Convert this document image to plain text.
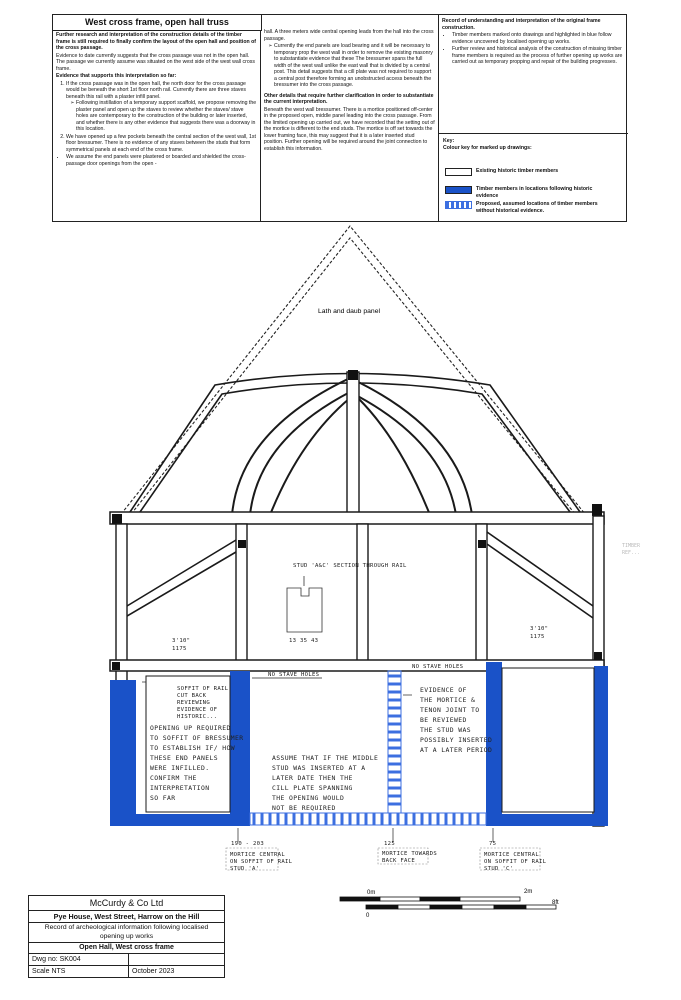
West cross frame, open hall truss

Further research and interpretation of the construction details of the timber frame is still required to finally confirm the layout of the open hall and position of the cross passage.

Evidence to date currently suggests that the cross passage was not in the open hall. The passage we currently assume was situated on the west side of the west wall cross frame.

Evidence that supports this interpretation so far:

1. If the cross passage was in the open hall, the north door for the cross passage would be beneath the short 1st floor north rail. Currently there are three staves beneath this rail with a plaster infill panel.
➢ Following instillation of a temporary support scaffold, we propose removing the plaster panel and open up the staves to review whether the staves/ stave holes are contemporary to the construction of the building or later inserted, and whether there is any other evidence that suggests there was a doorway in this location.
2. We have opened up a few pockets beneath the central section of the west wall, 1st floor bressumer. There is no evidence of any staves between the studs that form symmetrical panels at each end of the cross frame.
• We assume the end panels were plastered or boarded and shielded the cross-passage door openings from the open -

hall. A three meters wide central opening leads from the hall into the cross passage.

➢ Currently the end panels are load bearing and it will be necessary to temporary prop the west wall in order to remove the existing masonry to substantiate evidence that these The bressumer spans the full width of the west wall unlike the east wall that is divided by a central post. This detail suggests that a cill plate was not required to support a central post therefore forming an unobstructed access beneath the bressumer into the cross passage.

Other details that require further clarification in order to substantiate the current interpretation.

Beneath the west wall bressumer. There is a mortice positioned off-center in the proposed open, middle panel leading into the cross passage. From the limited opening up carried out, we have recorded that the setting out of the mortice is different to the end studs. The mortice is off set towards the lower framing face, this may suggest that it is a later inserted stud position. Further opening will be required around the joint connection to establish this information.

Record of understanding and interpretation of the original frame construction.

• Timber members marked onto drawings and highlighted in blue follow evidence uncovered by localised opening up works.
• Further review and historical analysis of the construction of missing timber frame members is required as the process of further opening up works are carried out as temporary propping and repair of the building progresses.
Key:
Colour key for marked up drawings:
Existing historic timber members
Timber members in locations following historic evidence
Proposed, assumed locations of timber members without historical evidence.
STUD 'A&C' SECTION THROUGH RAIL
13 35 43
Lath and daub panel
3'10"
1175
3'10"
1175
NO STAVE HOLES
NO STAVE HOLES
SOFFIT OF RAIL
CUT BACK
REVIEWING
EVIDENCE OF
HISTORIC...
OPENING UP REQUIRED
TO SOFFIT OF BRESSUMER
TO ESTABLISH IF/ HOW
THESE END PANELS
WERE INFILLED.
CONFIRM THE
INTERPRETATION
SO FAR
EVIDENCE OF
THE MORTICE &
TENON JOINT TO
BE REVIEWED
THE STUD WAS
POSSIBLY INSERTED
AT A LATER PERIOD
ASSUME THAT IF THE MIDDLE
STUD WAS INSERTED AT A
LATER DATE THEN THE
CILL PLATE SPANNING
THE OPENING WOULD
NOT BE REQUIRED
190 - 203
MORTICE CENTRAL
ON SOFFIT OF RAIL
STUD 'A'
125
MORTICE TOWARDS
BACK FACE
75
MORTICE CENTRAL
ON SOFFIT OF RAIL
STUD 'C'
0m	2m
0
8ft
TIMBER
REF...
McCurdy & Co Ltd
Pye House, West Street, Harrow on the Hill
Record of archeological information following localised opening up works
Open Hall, West cross frame
Dwg no: SK004
Scale NTS	October 2023
